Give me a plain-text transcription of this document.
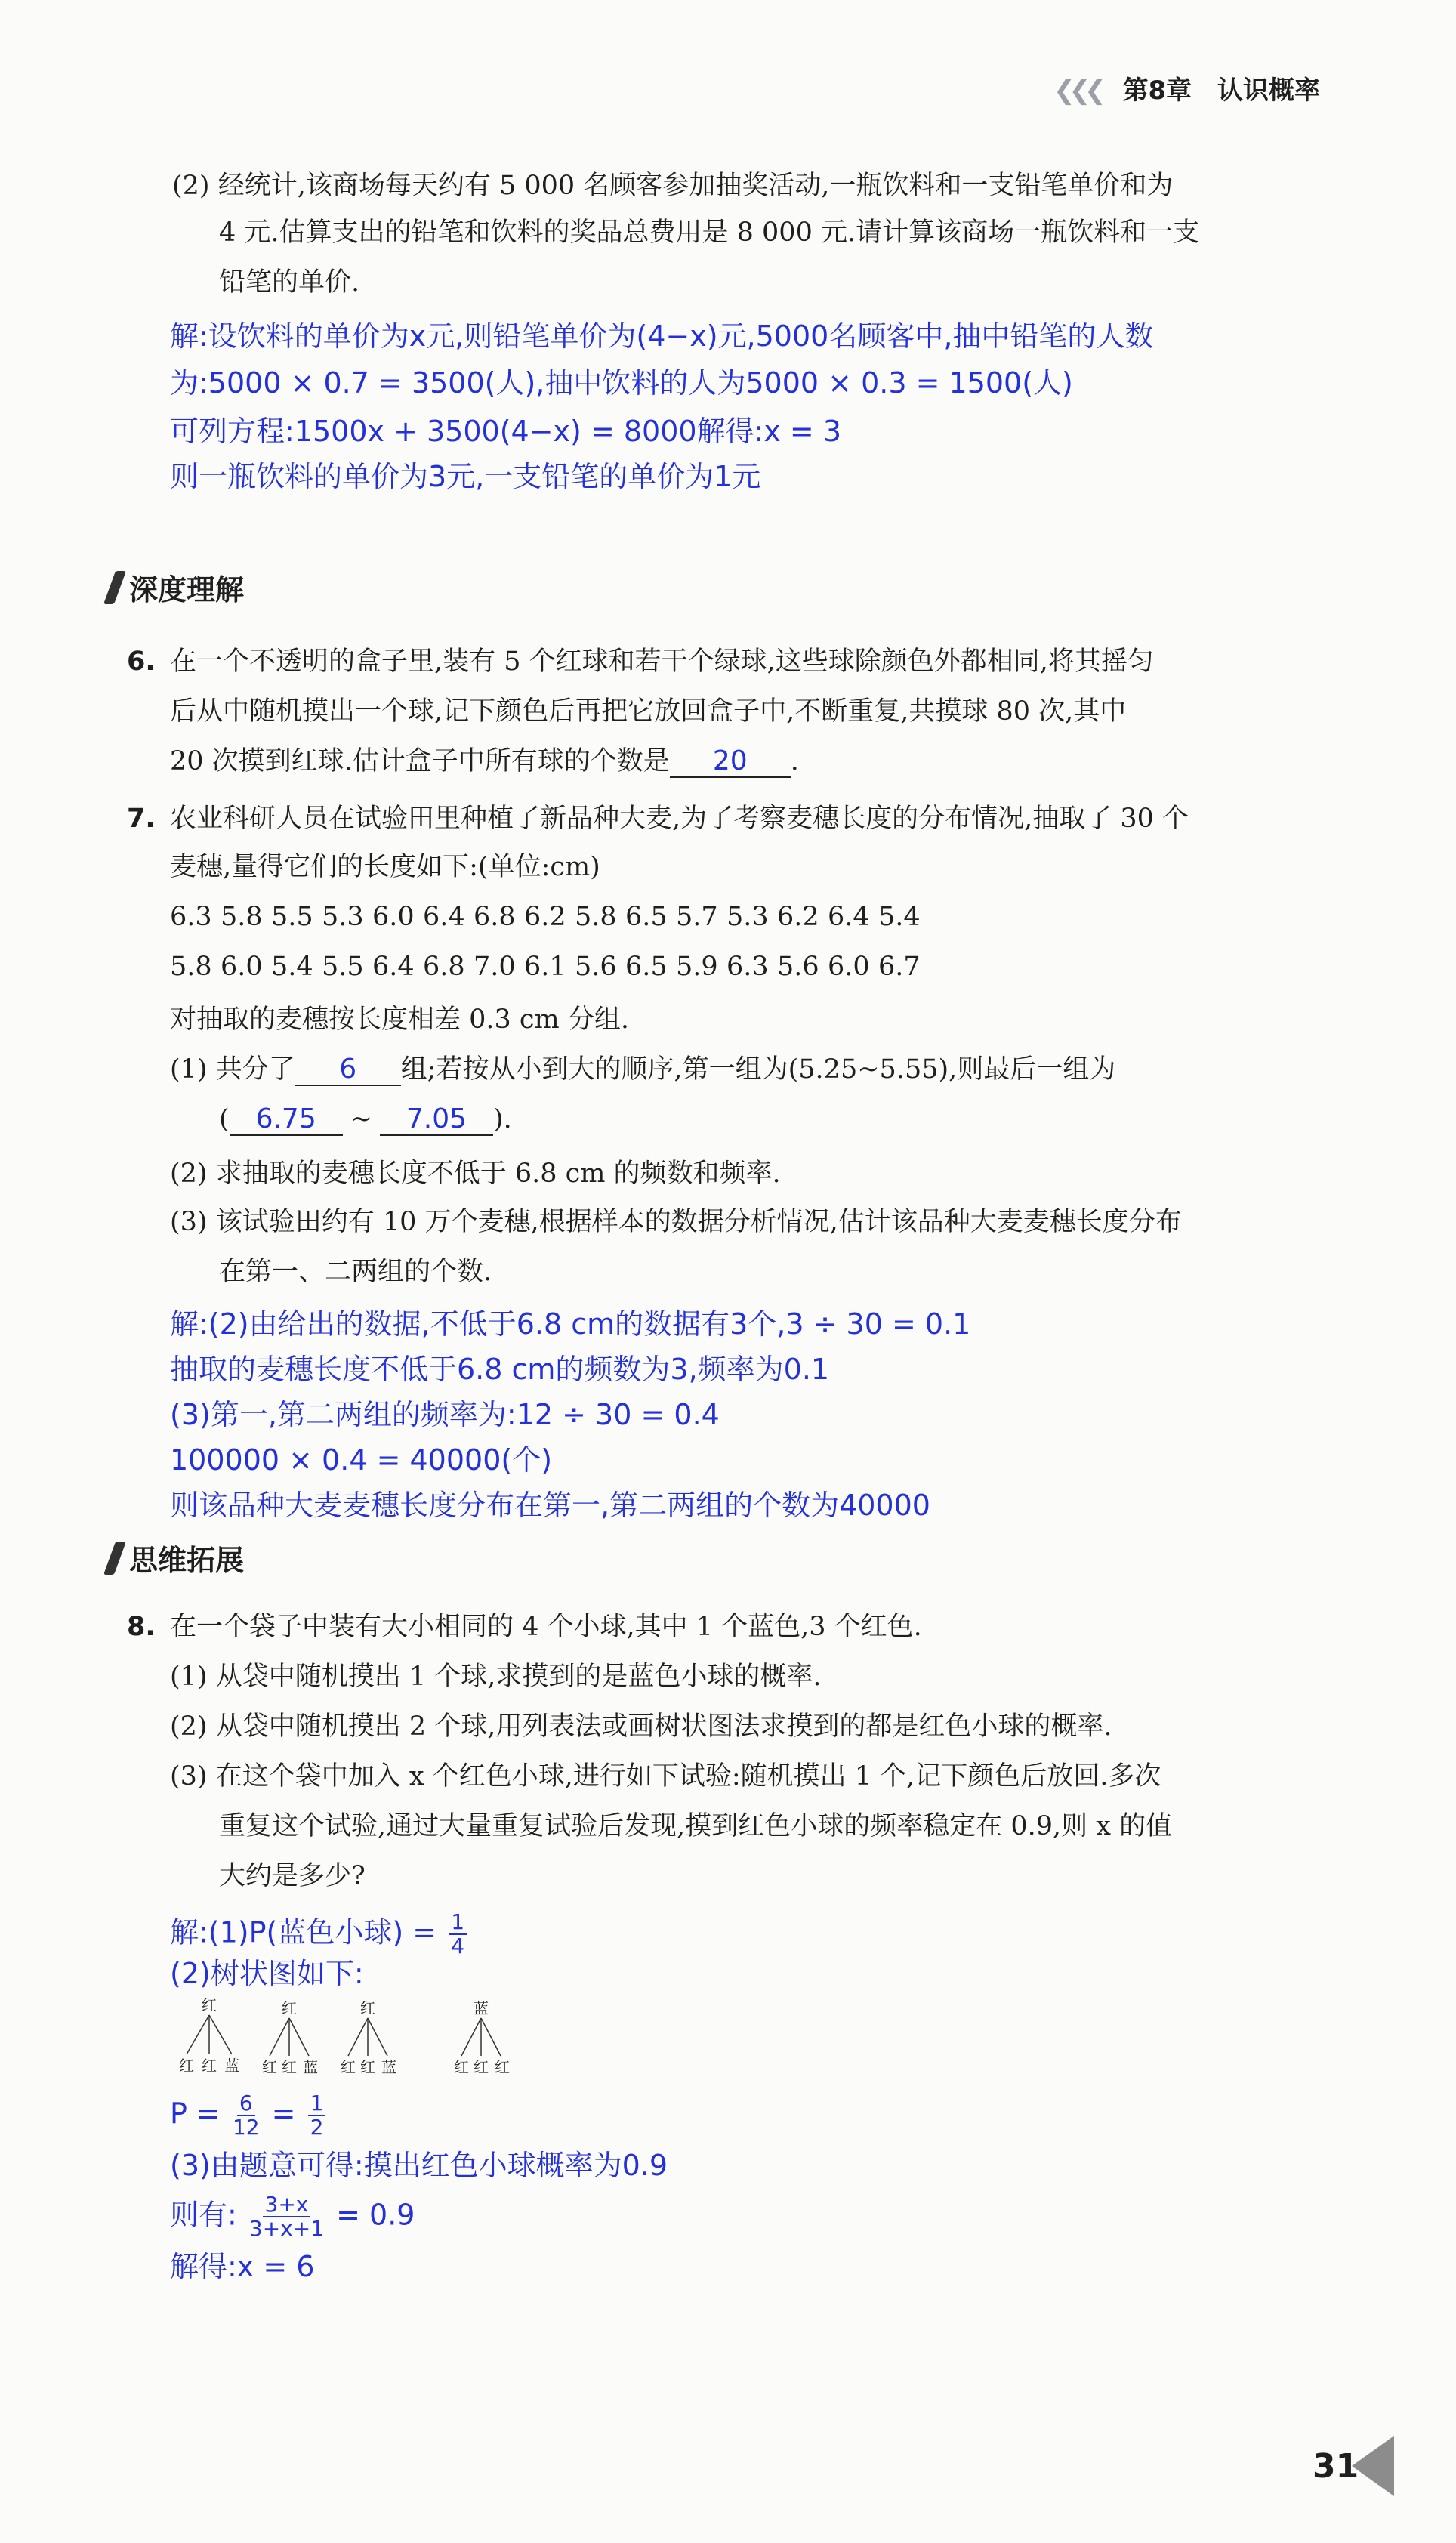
❮❮❮ 第8章 认识概率
(2) 经统计,该商场每天约有 5 000 名顾客参加抽奖活动,一瓶饮料和一支铅笔单价和为
4 元.估算支出的铅笔和饮料的奖品总费用是 8 000 元.请计算该商场一瓶饮料和一支
铅笔的单价.
解:设饮料的单价为x元,则铅笔单价为(4−x)元,5000名顾客中,抽中铅笔的人数
为:5000 × 0.7 = 3500(人),抽中饮料的人为5000 × 0.3 = 1500(人)
可列方程:1500x + 3500(4−x) = 8000解得:x = 3
则一瓶饮料的单价为3元,一支铅笔的单价为1元
深度理解
6. 在一个不透明的盒子里,装有 5 个红球和若干个绿球,这些球除颜色外都相同,将其摇匀
后从中随机摸出一个球,记下颜色后再把它放回盒子中,不断重复,共摸球 80 次,其中
20 次摸到红球.估计盒子中所有球的个数是 20 .
7. 农业科研人员在试验田里种植了新品种大麦,为了考察麦穗长度的分布情况,抽取了 30 个
麦穗,量得它们的长度如下:(单位:cm)
6.3 5.8 5.5 5.3 6.0 6.4 6.8 6.2 5.8 6.5 5.7 5.3 6.2 6.4 5.4
5.8 6.0 5.4 5.5 6.4 6.8 7.0 6.1 5.6 6.5 5.9 6.3 5.6 6.0 6.7
对抽取的麦穗按长度相差 0.3 cm 分组.
(1) 共分了 6 组;若按从小到大的顺序,第一组为(5.25~5.55),则最后一组为
( 6.75 ~ 7.05 ).
(2) 求抽取的麦穗长度不低于 6.8 cm 的频数和频率.
(3) 该试验田约有 10 万个麦穗,根据样本的数据分析情况,估计该品种大麦麦穗长度分布
在第一、二两组的个数.
解:(2)由给出的数据,不低于6.8 cm的数据有3个,3 ÷ 30 = 0.1
抽取的麦穗长度不低于6.8 cm的频数为3,频率为0.1
(3)第一,第二两组的频率为:12 ÷ 30 = 0.4
100000 × 0.4 = 40000(个)
则该品种大麦麦穗长度分布在第一,第二两组的个数为40000
思维拓展
8. 在一个袋子中装有大小相同的 4 个小球,其中 1 个蓝色,3 个红色.
(1) 从袋中随机摸出 1 个球,求摸到的是蓝色小球的概率.
(2) 从袋中随机摸出 2 个球,用列表法或画树状图法求摸到的都是红色小球的概率.
(3) 在这个袋中加入 x 个红色小球,进行如下试验:随机摸出 1 个,记下颜色后放回.多次
重复这个试验,通过大量重复试验后发现,摸到红色小球的频率稳定在 0.9,则 x 的值
大约是多少?
解:(1)P(蓝色小球) = $\frac{1}{4}$
(2)树状图如下:
红	红	红	蓝
红 红 蓝 红 红 蓝 红 红 蓝	红 红 红
$P = \frac{6}{12} = \frac{1}{2}$
(3)由题意可得:摸出红色小球概率为0.9
则有: $\frac{3+x}{3+x+1} = 0.9$
解得:x = 6
31
